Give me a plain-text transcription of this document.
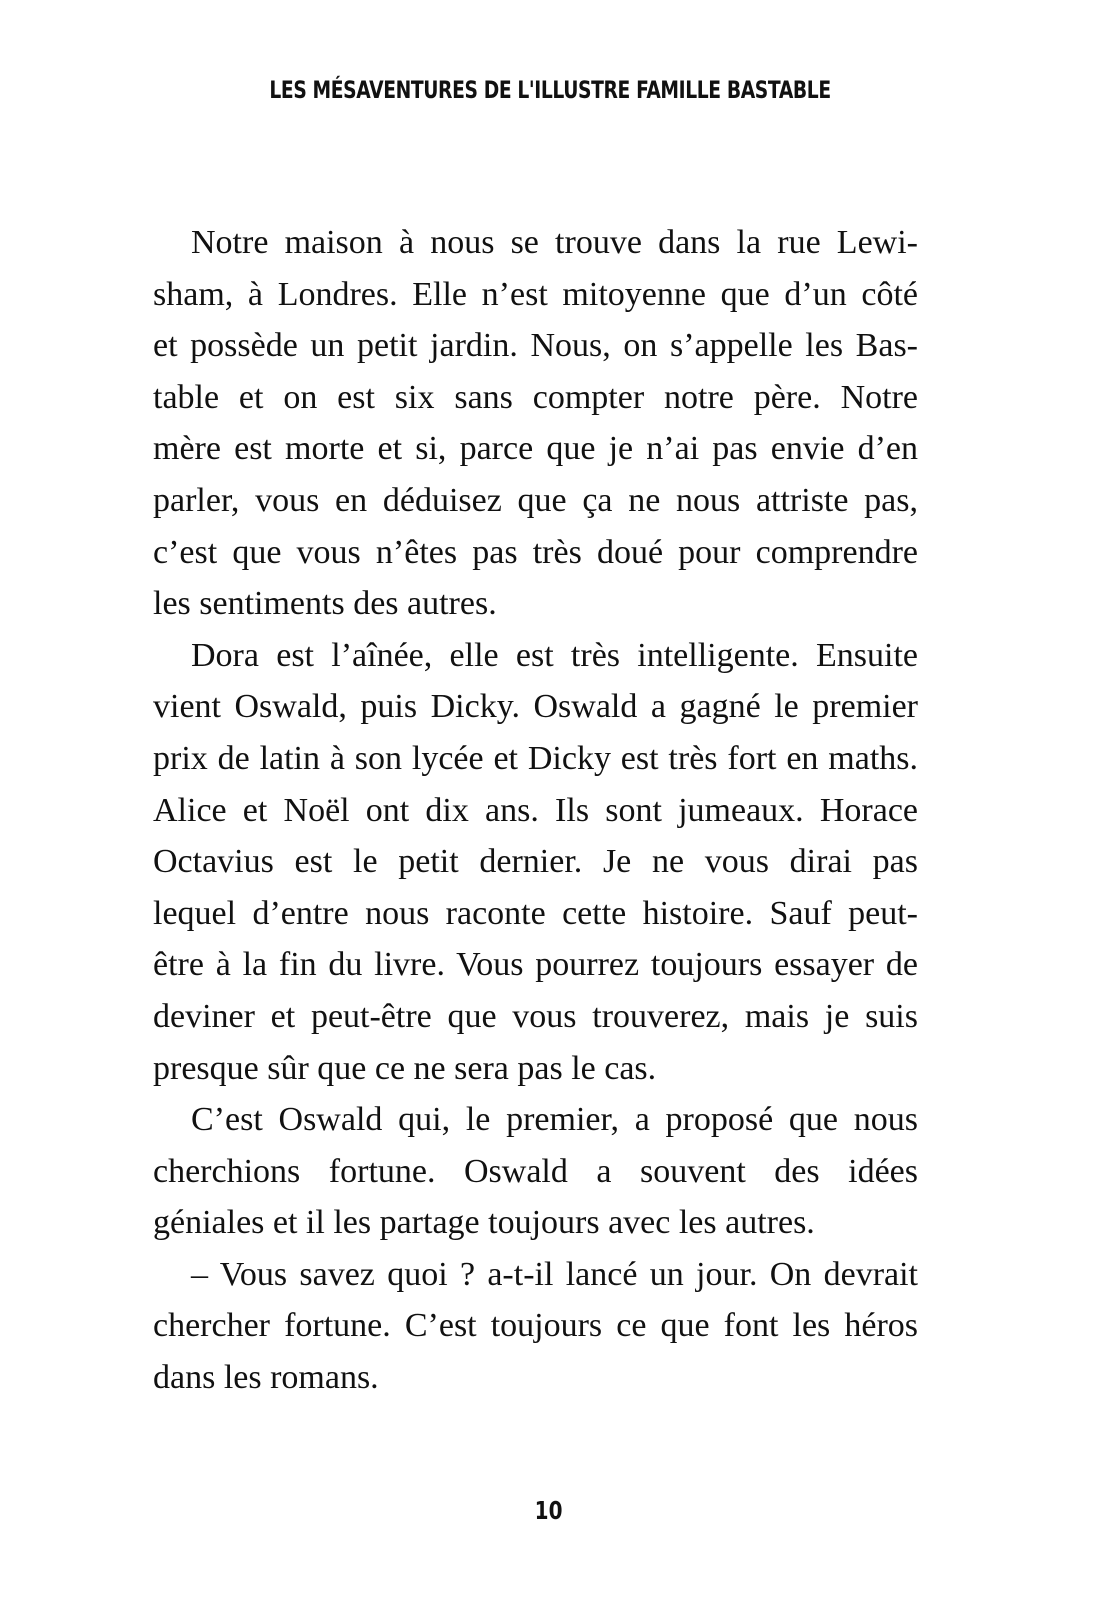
LES MÉSAVENTURES DE L'ILLUSTRE FAMILLE BASTABLE
Notre maison à nous se trouve dans la rue Lewi-
sham, à Londres. Elle n’est mitoyenne que d’un côté
et possède un petit jardin. Nous, on s’appelle les Bas-
table et on est six sans compter notre père. Notre
mère est morte et si, parce que je n’ai pas envie d’en
parler, vous en déduisez que ça ne nous attriste pas,
c’est que vous n’êtes pas très doué pour comprendre
les sentiments des autres.
Dora est l’aînée, elle est très intelligente. Ensuite
vient Oswald, puis Dicky. Oswald a gagné le premier
prix de latin à son lycée et Dicky est très fort en maths.
Alice et Noël ont dix ans. Ils sont jumeaux. Horace
Octavius est le petit dernier. Je ne vous dirai pas
lequel d’entre nous raconte cette histoire. Sauf peut-
être à la fin du livre. Vous pourrez toujours essayer de
deviner et peut-être que vous trouverez, mais je suis
presque sûr que ce ne sera pas le cas.
C’est Oswald qui, le premier, a proposé que nous
cherchions fortune. Oswald a souvent des idées
géniales et il les partage toujours avec les autres.
– Vous savez quoi ? a-t-il lancé un jour. On devrait
chercher fortune. C’est toujours ce que font les héros
dans les romans.
10
